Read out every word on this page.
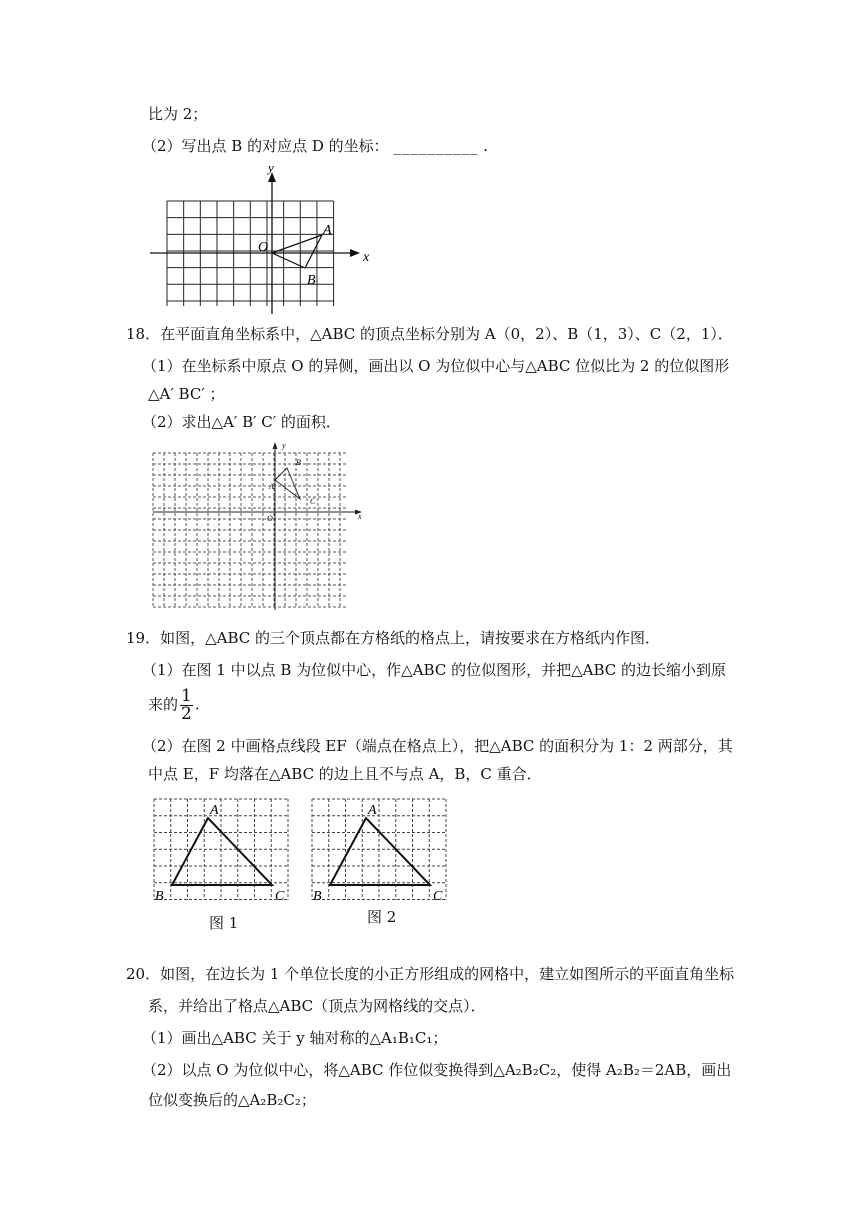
比为 2；
（2）写出点 B 的对应点 D 的坐标： __________ .
y
x
O
A
B
18．在平面直角坐标系中，△ABC 的顶点坐标分别为 A（0，2）、B（1，3）、C（2，1）．
（1）在坐标系中原点 O 的异侧，画出以 O 为位似中心与△ABC 位似比为 2 的位似图形
△A′ BC′ ；
（2）求出△A′ B′ C′ 的面积．
y
x
O
A
B
C
19．如图，△ABC 的三个顶点都在方格纸的格点上，请按要求在方格纸内作图．
（1）在图 1 中以点 B 为位似中心，作△ABC 的位似图形，并把△ABC 的边长缩小到原
来的 $\frac{1}{2}$ .
（2）在图 2 中画格点线段 EF（端点在格点上），把△ABC 的面积分为 1：2 两部分，其
中点 E，F 均落在△ABC 的边上且不与点 A，B，C 重合．
A
B	C
图 1
A
B	C
图 2
20．如图，在边长为 1 个单位长度的小正方形组成的网格中，建立如图所示的平面直角坐标
系，并给出了格点△ABC（顶点为网格线的交点）．
（1）画出△ABC 关于 y 轴对称的△A₁B₁C₁；
（2）以点 O 为位似中心，将△ABC 作位似变换得到△A₂B₂C₂，使得 A₂B₂＝2AB，画出
位似变换后的△A₂B₂C₂；
